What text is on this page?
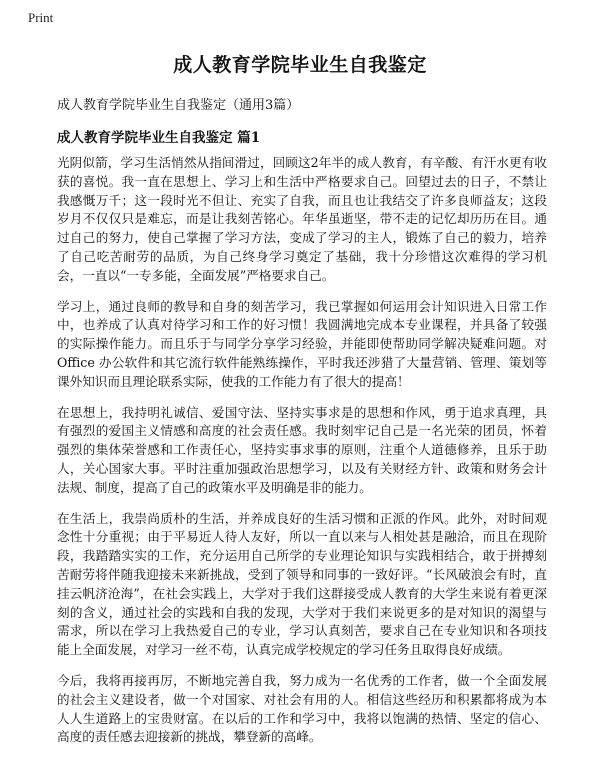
Print
成人教育学院毕业生自我鉴定

成人教育学院毕业生自我鉴定（通用3篇）

成人教育学院毕业生自我鉴定 篇1

光阴似箭，学习生活悄然从指间滑过，回顾这2年半的成人教育，有辛酸、有汗水更有收获的喜悦。我一直在思想上、学习上和生活中严格要求自己。回望过去的日子，不禁让我感慨万千；这一段时光不但让、充实了自我，而且也让我结交了许多良师益友；这段岁月不仅仅只是难忘，而是让我刻苦铭心。年华虽逝坚，带不走的记忆却历历在目。通过自己的努力，使自己掌握了学习方法，变成了学习的主人，锻炼了自己的毅力，培养了自己吃苦耐劳的品质，为自己终身学习奠定了基础，我十分珍惜这次难得的学习机会，一直以“一专多能，全面发展”严格要求自己。

学习上，通过良师的教导和自身的刻苦学习，我已掌握如何运用会计知识进入日常工作中，也养成了认真对待学习和工作的好习惯！我圆满地完成本专业课程，并具备了较强的实际操作能力。而且乐于与同学分享学习经验，并能即使帮助同学解决疑难问题。对Office 办公软件和其它流行软件能熟练操作，平时我还涉猎了大量营销、管理、策划等课外知识而且理论联系实际，使我的工作能力有了很大的提高！

在思想上，我持明礼诚信、爱国守法、坚持实事求是的思想和作风，勇于追求真理，具有强烈的爱国主义情感和高度的社会责任感。我时刻牢记自己是一名光荣的团员，怀着强烈的集体荣誉感和工作责任心，坚持实事求事的原则，注重个人道德修养，且乐于助人，关心国家大事。平时注重加强政治思想学习，以及有关财经方针、政策和财务会计法规、制度，提高了自己的政策水平及明确是非的能力。

在生活上，我崇尚质朴的生活，并养成良好的生活习惯和正派的作风。此外，对时间观念性十分重视；由于平易近人待人友好，所以一直以来与人相处甚是融洽，而且在现阶段，我踏踏实实的工作，充分运用自己所学的专业理论知识与实践相结合，敢于拼搏刻苦耐劳将伴随我迎接未来新挑战，受到了领导和同事的一致好评。“长风破浪会有时，直挂云帆济沧海”，在社会实践上，大学对于我们这群接受成人教育的大学生来说有着更深刻的含义，通过社会的实践和自我的发现，大学对于我们来说更多的是对知识的渴望与需求，所以在学习上我热爱自己的专业，学习认真刻苦，要求自己在专业知识和各项技能上全面发展，对学习一丝不苟，认真完成学校规定的学习任务且取得良好成绩。

今后，我将再接再厉，不断地完善自我，努力成为一名优秀的工作者，做一个全面发展的社会主义建设者，做一个对国家、对社会有用的人。相信这些经历和积累都将成为本人人生道路上的宝贵财富。在以后的工作和学习中，我将以饱满的热情、坚定的信心、高度的责任感去迎接新的挑战，攀登新的高峰。
